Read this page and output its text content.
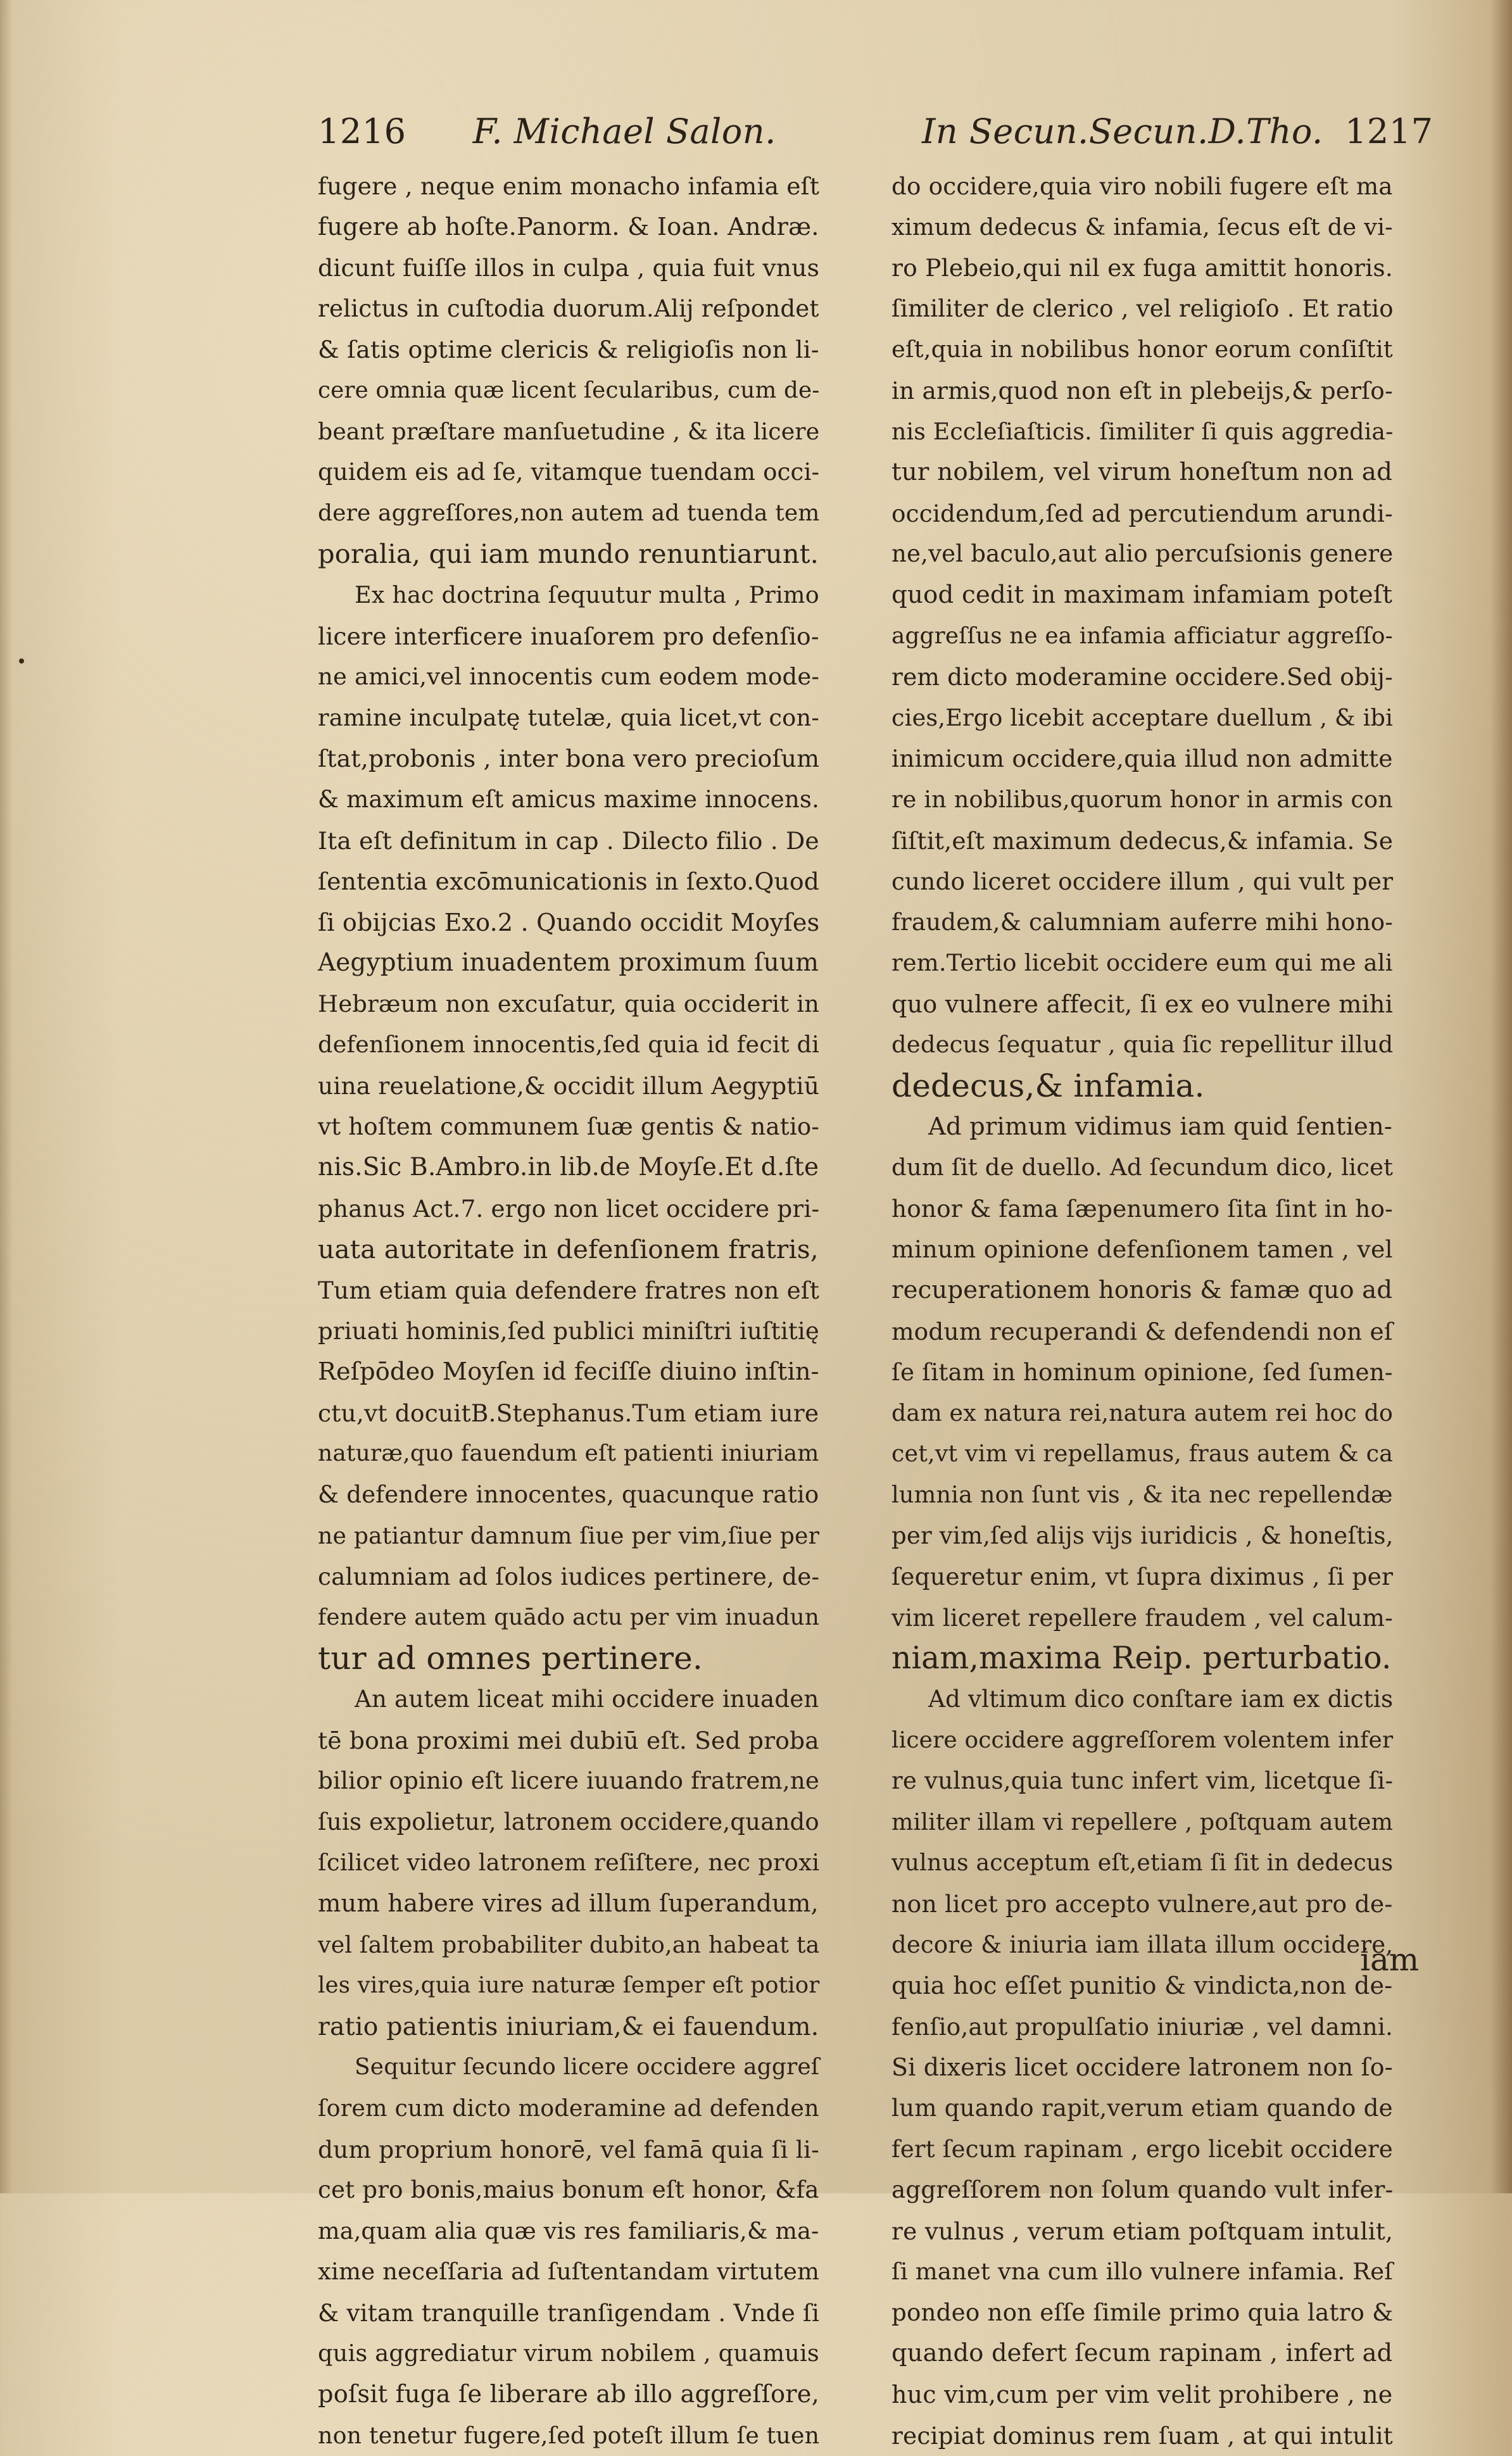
1216 F. Michael Salon.	In Secun.Secun.D.Tho. 1217
fugere , neque enim monacho infamia eſt
fugere ab hoſte.Panorm. & Ioan. Andræ.
dicunt fuiſſe illos in culpa , quia fuit vnus
relictus in cuſtodia duorum.Alij reſpondet
& ſatis optime clericis & religioſis non li-
cere omnia quæ licent ſecularibus, cum de-
beant præſtare manſuetudine , & ita licere
quidem eis ad ſe, vitamque tuendam occi-
dere aggreſſores,non autem ad tuenda tem
poralia, qui iam mundo renuntiarunt.
Ex hac doctrina ſequutur multa , Primo
licere interficere inuaſorem pro defenſio-
ne amici,vel innocentis cum eodem mode-
ramine inculpatę tutelæ, quia licet,vt con-
ſtat,probonis , inter bona vero precioſum
& maximum eſt amicus maxime innocens.
Ita eſt definitum in cap . Dilecto filio . De
ſententia excōmunicationis in ſexto.Quod
ſi obijcias Exo.2 . Quando occidit Moyſes
Aegyptium inuadentem proximum ſuum
Hebræum non excuſatur, quia occiderit in
defenſionem innocentis,ſed quia id fecit di
uina reuelatione,& occidit illum Aegyptiū
vt hoſtem communem ſuæ gentis & natio-
nis.Sic B.Ambro.in lib.de Moyſe.Et d.ſte
phanus Act.7. ergo non licet occidere pri-
uata autoritate in defenſionem fratris,
Tum etiam quia defendere fratres non eſt
priuati hominis,ſed publici miniſtri iuſtitię
Reſpōdeo Moyſen id feciſſe diuino inſtin-
ctu,vt docuitB.Stephanus.Tum etiam iure
naturæ,quo fauendum eſt patienti iniuriam
& defendere innocentes, quacunque ratio
ne patiantur damnum ſiue per vim,ſiue per
calumniam ad ſolos iudices pertinere, de-
fendere autem quādo actu per vim inuadun
tur ad omnes pertinere.
An autem liceat mihi occidere inuaden
tē bona proximi mei dubiū eſt. Sed proba
bilior opinio eſt licere iuuando fratrem,ne
ſuis expolietur, latronem occidere,quando
ſcilicet video latronem reſiſtere, nec proxi
mum habere vires ad illum ſuperandum,
vel ſaltem probabiliter dubito,an habeat ta
les vires,quia iure naturæ ſemper eſt potior
ratio patientis iniuriam,& ei fauendum.
Sequitur ſecundo licere occidere aggreſ
ſorem cum dicto moderamine ad defenden
dum proprium honorē, vel famā quia ſi li-
cet pro bonis,maius bonum eſt honor, &fa
ma,quam alia quæ vis res familiaris,& ma-
xime neceſſaria ad ſuſtentandam virtutem
& vitam tranquille tranſigendam . Vnde ſi
quis aggrediatur virum nobilem , quamuis
poſsit fuga ſe liberare ab illo aggreſſore,
non tenetur fugere,ſed poteſt illum ſe tuen
do occidere,quia viro nobili fugere eſt ma
ximum dedecus & infamia, ſecus eſt de vi-
ro Plebeio,qui nil ex fuga amittit honoris.
ſimiliter de clerico , vel religioſo . Et ratio
eſt,quia in nobilibus honor eorum conſiſtit
in armis,quod non eſt in plebeijs,& perſo-
nis Eccleſiaſticis. ſimiliter ſi quis aggredia-
tur nobilem, vel virum honeſtum non ad
occidendum,ſed ad percutiendum arundi-
ne,vel baculo,aut alio percuſsionis genere
quod cedit in maximam infamiam poteſt
aggreſſus ne ea infamia afficiatur aggreſſo-
rem dicto moderamine occidere.Sed obij-
cies,Ergo licebit acceptare duellum , & ibi
inimicum occidere,quia illud non admitte
re in nobilibus,quorum honor in armis con
ſiſtit,eſt maximum dedecus,& infamia. Se
cundo liceret occidere illum , qui vult per
fraudem,& calumniam auferre mihi hono-
rem.Tertio licebit occidere eum qui me ali
quo vulnere affecit, ſi ex eo vulnere mihi
dedecus ſequatur , quia ſic repellitur illud
dedecus,& infamia.
Ad primum vidimus iam quid ſentien-
dum ſit de duello. Ad ſecundum dico, licet
honor & fama ſæpenumero ſita ſint in ho-
minum opinione defenſionem tamen , vel
recuperationem honoris & famæ quo ad
modum recuperandi & defendendi non eſ
ſe ſitam in hominum opinione, ſed ſumen-
dam ex natura rei,natura autem rei hoc do
cet,vt vim vi repellamus, fraus autem & ca
lumnia non ſunt vis , & ita nec repellendæ
per vim,ſed alijs vijs iuridicis , & honeſtis,
ſequeretur enim, vt ſupra diximus , ſi per
vim liceret repellere fraudem , vel calum-
niam,maxima Reip. perturbatio.
Ad vltimum dico conſtare iam ex dictis
licere occidere aggreſſorem volentem infer
re vulnus,quia tunc infert vim, licetque ſi-
militer illam vi repellere , poſtquam autem
vulnus acceptum eſt,etiam ſi ſit in dedecus
non licet pro accepto vulnere,aut pro de-
decore & iniuria iam illata illum occidere,
quia hoc eſſet punitio & vindicta,non de-
fenſio,aut propulſatio iniuriæ , vel damni.
Si dixeris licet occidere latronem non ſo-
lum quando rapit,verum etiam quando de
fert ſecum rapinam , ergo licebit occidere
aggreſſorem non ſolum quando vult infer-
re vulnus , verum etiam poſtquam intulit,
ſi manet vna cum illo vulnere infamia. Reſ
pondeo non eſſe ſimile primo quia latro &
quando defert ſecum rapinam , infert ad
huc vim,cum per vim velit prohibere , ne
recipiat dominus rem ſuam , at qui intulit
iam
